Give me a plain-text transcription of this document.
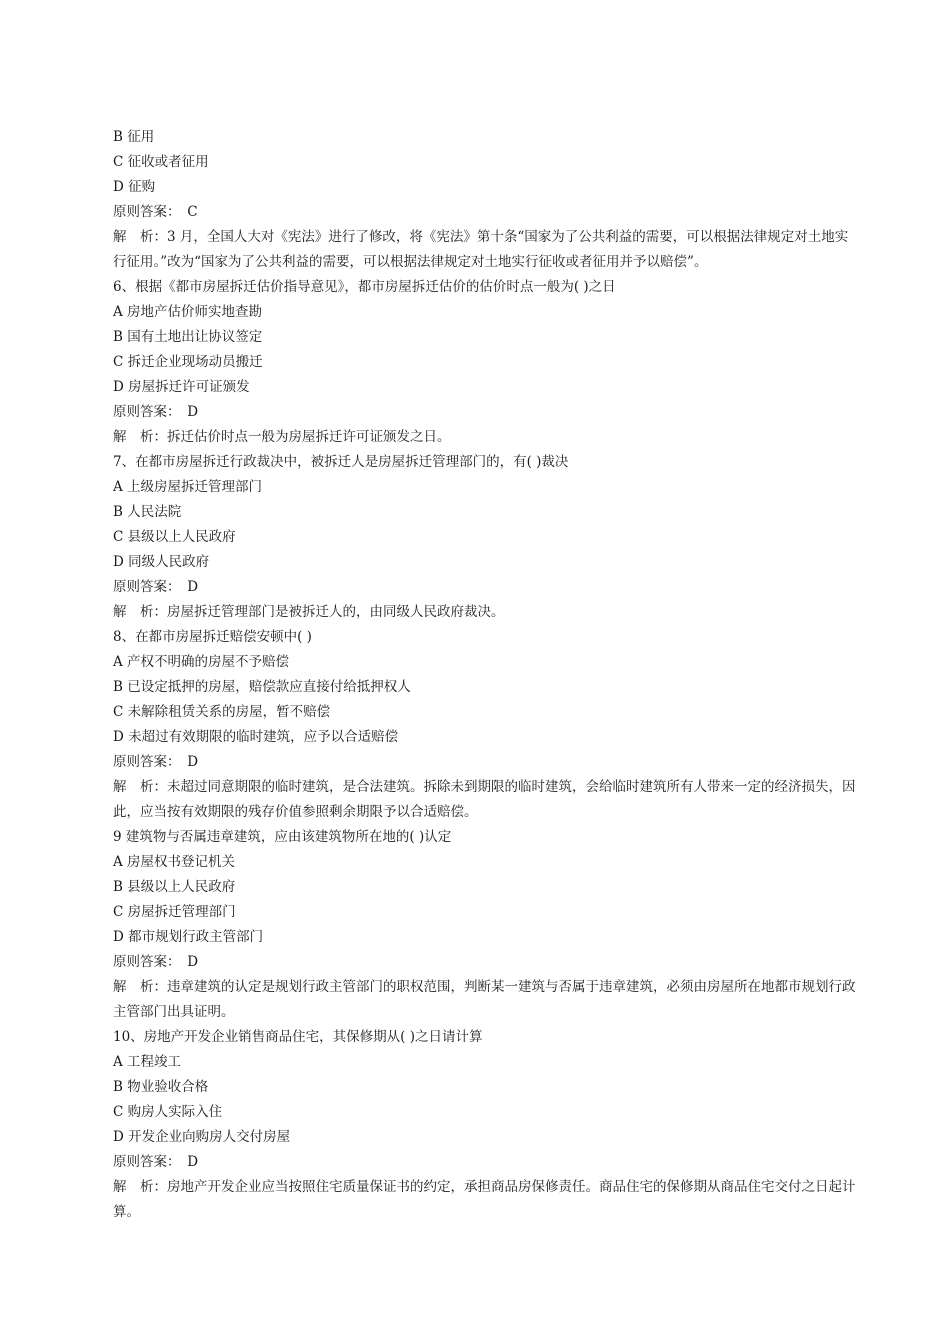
B 征用

C 征收或者征用

D 征购

原则答案：　C

解　析：3 月，全国人大对《宪法》进行了修改，将《宪法》第十条“国家为了公共利益的需要，可以根据法律规定对土地实行征用。”改为“国家为了公共利益的需要，可以根据法律规定对土地实行征收或者征用并予以赔偿”。

6、根据《都市房屋拆迁估价指导意见》，都市房屋拆迁估价的估价时点一般为( )之日

A 房地产估价师实地查勘

B 国有土地出让协议签定

C 拆迁企业现场动员搬迁

D 房屋拆迁许可证颁发

原则答案：　D

解　析：拆迁估价时点一般为房屋拆迁许可证颁发之日。

7、在都市房屋拆迁行政裁决中，被拆迁人是房屋拆迁管理部门的，有( )裁决

A 上级房屋拆迁管理部门

B 人民法院

C 县级以上人民政府

D 同级人民政府

原则答案：　D

解　析：房屋拆迁管理部门是被拆迁人的，由同级人民政府裁决。

8、在都市房屋拆迁赔偿安顿中( )

A 产权不明确的房屋不予赔偿

B 已设定抵押的房屋，赔偿款应直接付给抵押权人

C 未解除租赁关系的房屋，暂不赔偿

D 未超过有效期限的临时建筑，应予以合适赔偿

原则答案：　D

解　析：未超过同意期限的临时建筑，是合法建筑。拆除未到期限的临时建筑，会给临时建筑所有人带来一定的经济损失，因此，应当按有效期限的残存价值参照剩余期限予以合适赔偿。

9 建筑物与否属违章建筑，应由该建筑物所在地的( )认定

A 房屋权书登记机关

B 县级以上人民政府

C 房屋拆迁管理部门

D 都市规划行政主管部门

原则答案：　D

解　析：违章建筑的认定是规划行政主管部门的职权范围，判断某一建筑与否属于违章建筑，必须由房屋所在地都市规划行政主管部门出具证明。

10、房地产开发企业销售商品住宅，其保修期从( )之日请计算

A 工程竣工

B 物业验收合格

C 购房人实际入住

D 开发企业向购房人交付房屋

原则答案：　D

解　析：房地产开发企业应当按照住宅质量保证书的约定，承担商品房保修责任。商品住宅的保修期从商品住宅交付之日起计算。
